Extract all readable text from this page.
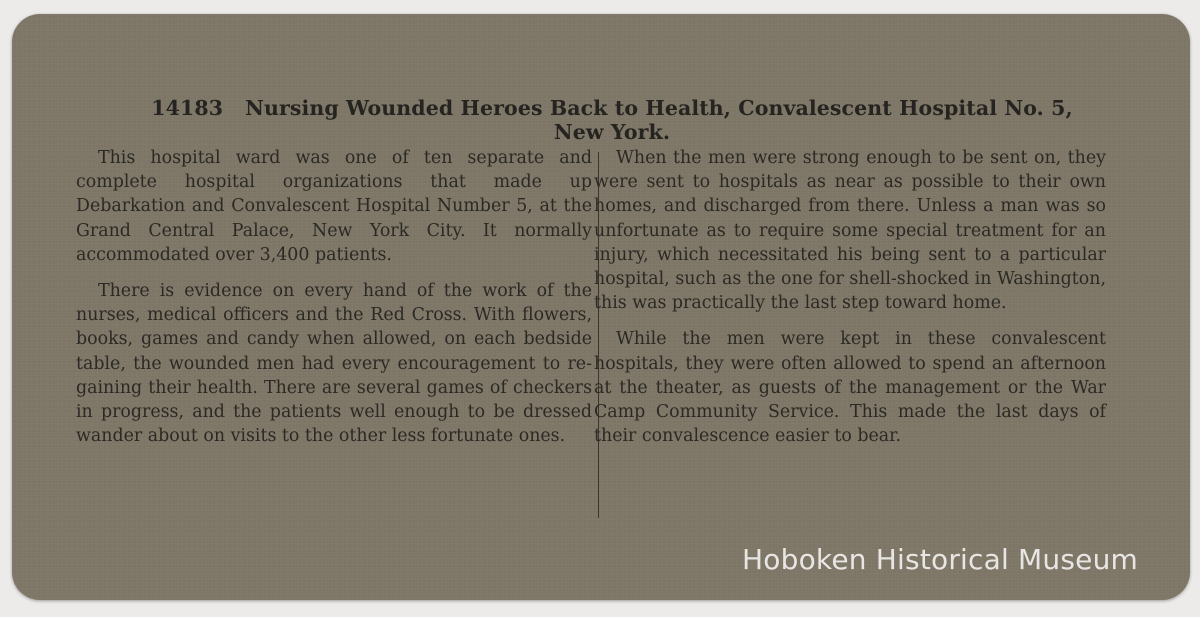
14183 Nursing Wounded Heroes Back to Health, Convalescent Hospital No. 5,
New York.

This hospital ward was one of ten separate and complete hospital organizations that made up Debarkation and Convalescent Hospital Number 5, at the Grand Central Palace, New York City. It normally accommodated over 3,400 patients.

There is evidence on every hand of the work of the nurses, medical officers and the Red Cross. With flowers, books, games and candy when allowed, on each bedside table, the wounded men had every encouragement to regaining their health. There are several games of checkers in progress, and the patients well enough to be dressed wander about on visits to the other less fortunate ones.

When the men were strong enough to be sent on, they were sent to hospitals as near as possible to their own homes, and discharged from there. Unless a man was so unfortunate as to require some special treatment for an injury, which necessitated his being sent to a particular hospital, such as the one for shell-shocked in Washington, this was practically the last step toward home.

While the men were kept in these convalescent hospitals, they were often allowed to spend an afternoon at the theater, as guests of the management or the War Camp Community Service. This made the last days of their convalescence easier to bear.

Hoboken Historical Museum
